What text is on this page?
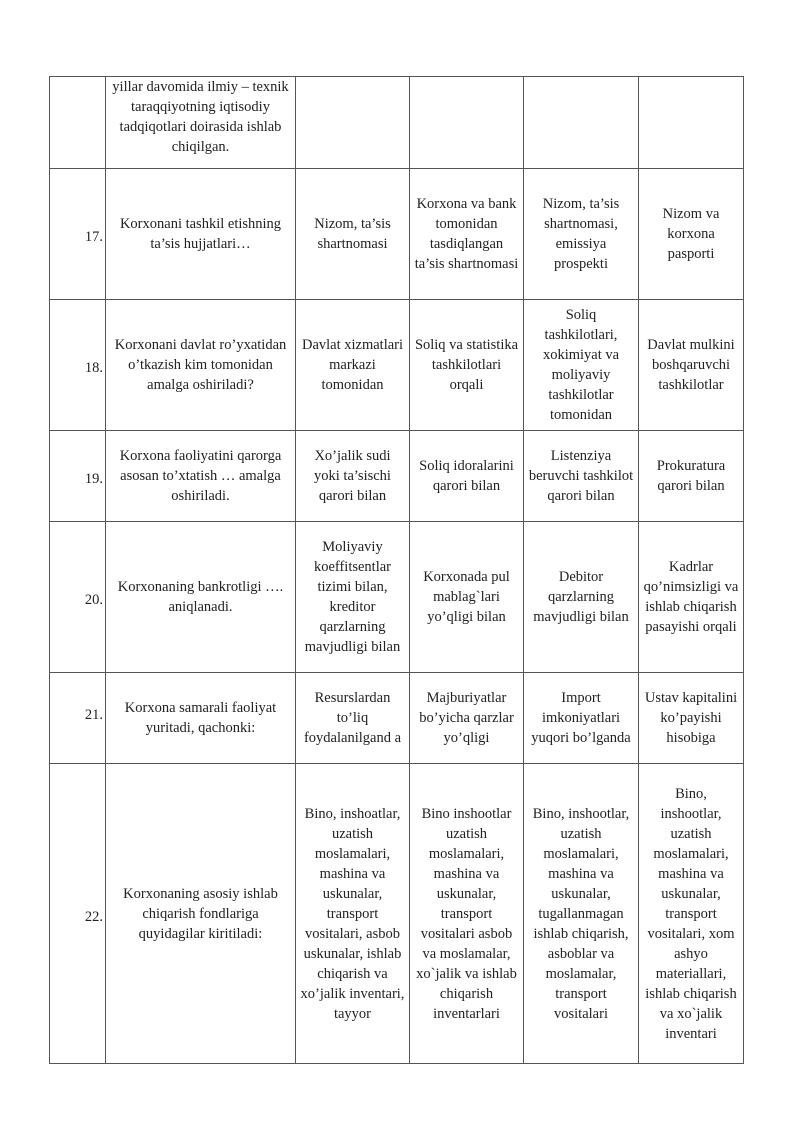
	yillar davomida ilmiy – texnik taraqqiyotning iqtisodiy tadqiqotlari doirasida ishlab chiqilgan.				
17.	Korxonani tashkil etishning ta’sis hujjatlari…	Nizom, ta’sis shartnomasi	Korxona va bank tomonidan tasdiqlangan ta’sis shartnomasi	Nizom, ta’sis shartnomasi, emissiya prospekti	Nizom va korxona pasporti
18.	Korxonani davlat ro’yxatidan o’tkazish kim tomonidan amalga oshiriladi?	Davlat xizmatlari markazi tomonidan	Soliq va statistika tashkilotlari orqali	Soliq tashkilotlari, xokimiyat va moliyaviy tashkilotlar tomonidan	Davlat mulkini boshqaruvchi tashkilotlar
19.	Korxona faoliyatini qarorga asosan to’xtatish … amalga oshiriladi.	Xo’jalik sudi yoki ta’sischi qarori bilan	Soliq idoralarini qarori bilan	Listenziya beruvchi tashkilot qarori bilan	Prokuratura qarori bilan
20.	Korxonaning bankrotligi …. aniqlanadi.	Moliyaviy koeffitsentlar tizimi bilan, kreditor qarzlarning mavjudligi bilan	Korxonada pul mablag`lari yo’qligi bilan	Debitor qarzlarning mavjudligi bilan	Kadrlar qo’nimsizligi va ishlab chiqarish pasayishi orqali
21.	Korxona samarali faoliyat yuritadi, qachonki:	Resurslardan to’liq foydalanilgand a	Majburiyatlar bo’yicha qarzlar yo’qligi	Import imkoniyatlari yuqori bo’lganda	Ustav kapitalini ko’payishi hisobiga
22.	Korxonaning asosiy ishlab chiqarish fondlariga quyidagilar kiritiladi:	Bino, inshoatlar, uzatish moslamalari, mashina va uskunalar, transport vositalari, asbob uskunalar, ishlab chiqarish va xo’jalik inventari, tayyor	Bino inshootlar uzatish moslamalari, mashina va uskunalar, transport vositalari asbob va moslamalar, xo`jalik va ishlab chiqarish inventarlari	Bino, inshootlar, uzatish moslamalari, mashina va uskunalar, tugallanmagan ishlab chiqarish, asboblar va moslamalar, transport vositalari	Bino, inshootlar, uzatish moslamalari, mashina va uskunalar, transport vositalari, xom ashyo materiallari, ishlab chiqarish va xo`jalik inventari
